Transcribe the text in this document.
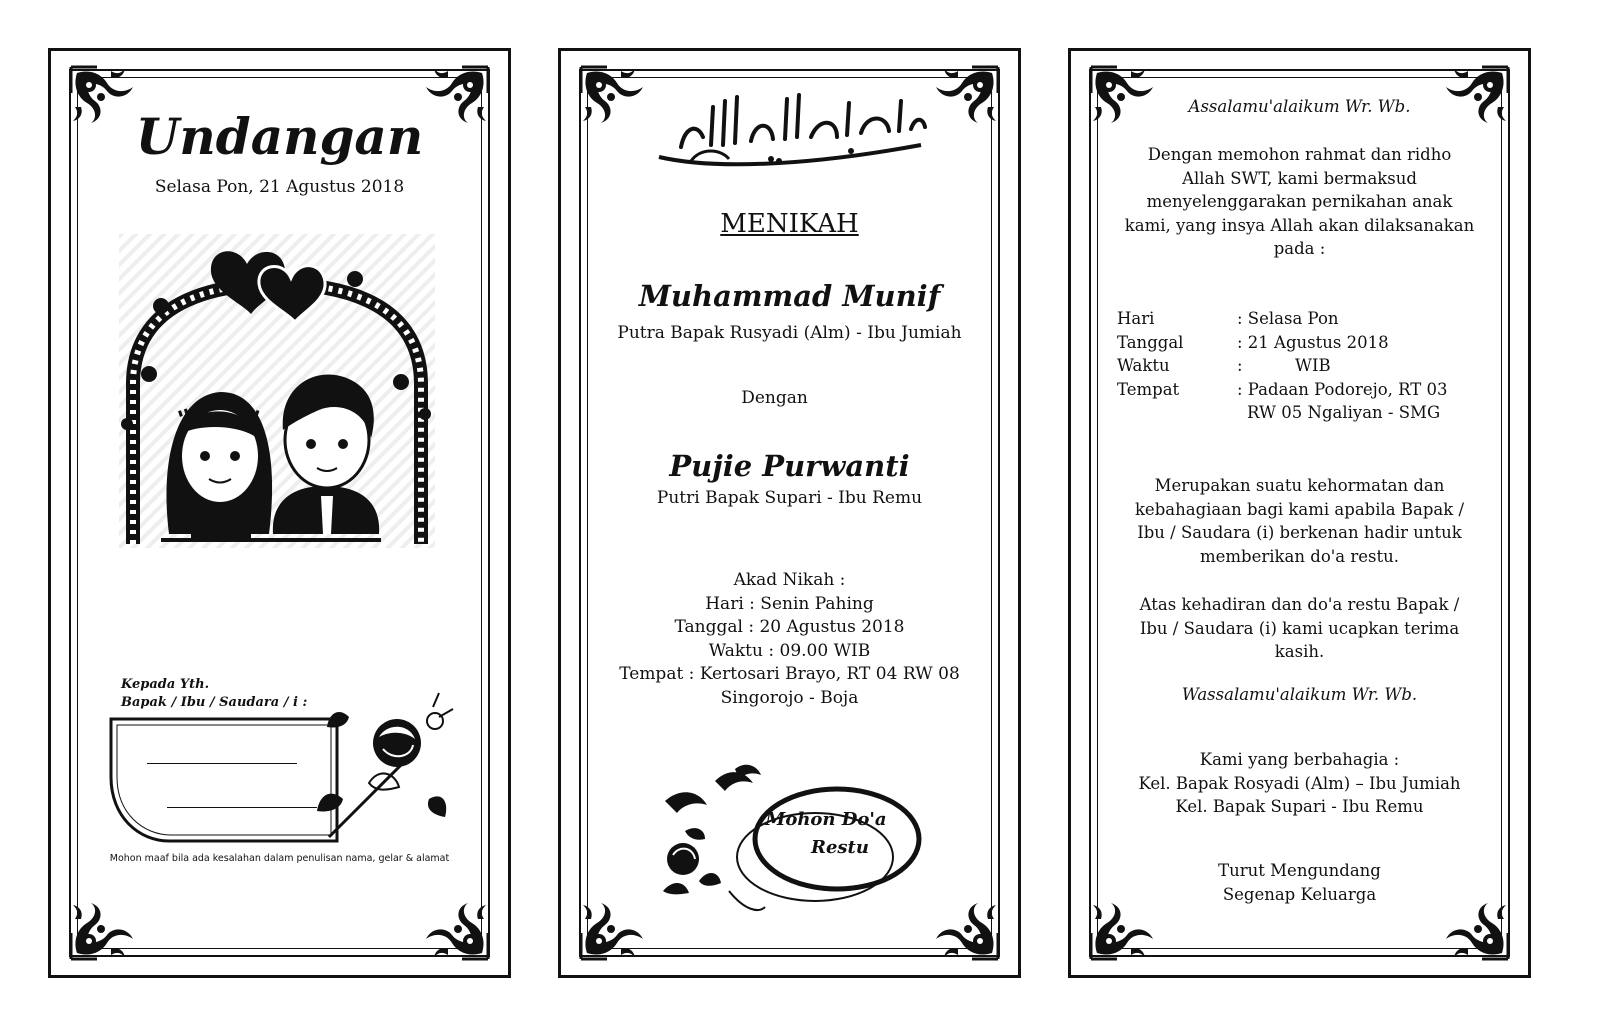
Undangan
Selasa Pon, 21 Agustus 2018
Kepada Yth.
Bapak / Ibu / Saudara / i :
Mohon maaf bila ada kesalahan dalam penulisan nama, gelar & alamat
MENIKAH
Muhammad Munif
Putra Bapak Rusyadi (Alm) - Ibu Jumiah
Dengan
Pujie Purwanti
Putri Bapak Supari - Ibu Remu
Akad Nikah :
Hari : Senin Pahing
Tanggal : 20 Agustus 2018
Waktu : 09.00 WIB
Tempat : Kertosari Brayo, RT 04 RW 08
Singorojo - Boja
Mohon Do'a
Restu
Assalamu'alaikum Wr. Wb.
Dengan memohon rahmat dan ridho
Allah SWT, kami bermaksud
menyelenggarakan pernikahan anak
kami, yang insya Allah akan dilaksanakan
pada :
Hari	: Selasa Pon
Tanggal	: 21 Agustus 2018
Waktu	:          WIB
Tempat	: Padaan Podorejo, RT 03
RW 05 Ngaliyan - SMG
Merupakan suatu kehormatan dan
kebahagiaan bagi kami apabila Bapak /
Ibu / Saudara (i) berkenan hadir untuk
memberikan do'a restu.
Atas kehadiran dan do'a restu Bapak /
Ibu / Saudara (i) kami ucapkan terima
kasih.
Wassalamu'alaikum Wr. Wb.
Kami yang berbahagia :
Kel. Bapak Rosyadi (Alm) – Ibu Jumiah
Kel. Bapak Supari - Ibu Remu
Turut Mengundang
Segenap Keluarga
